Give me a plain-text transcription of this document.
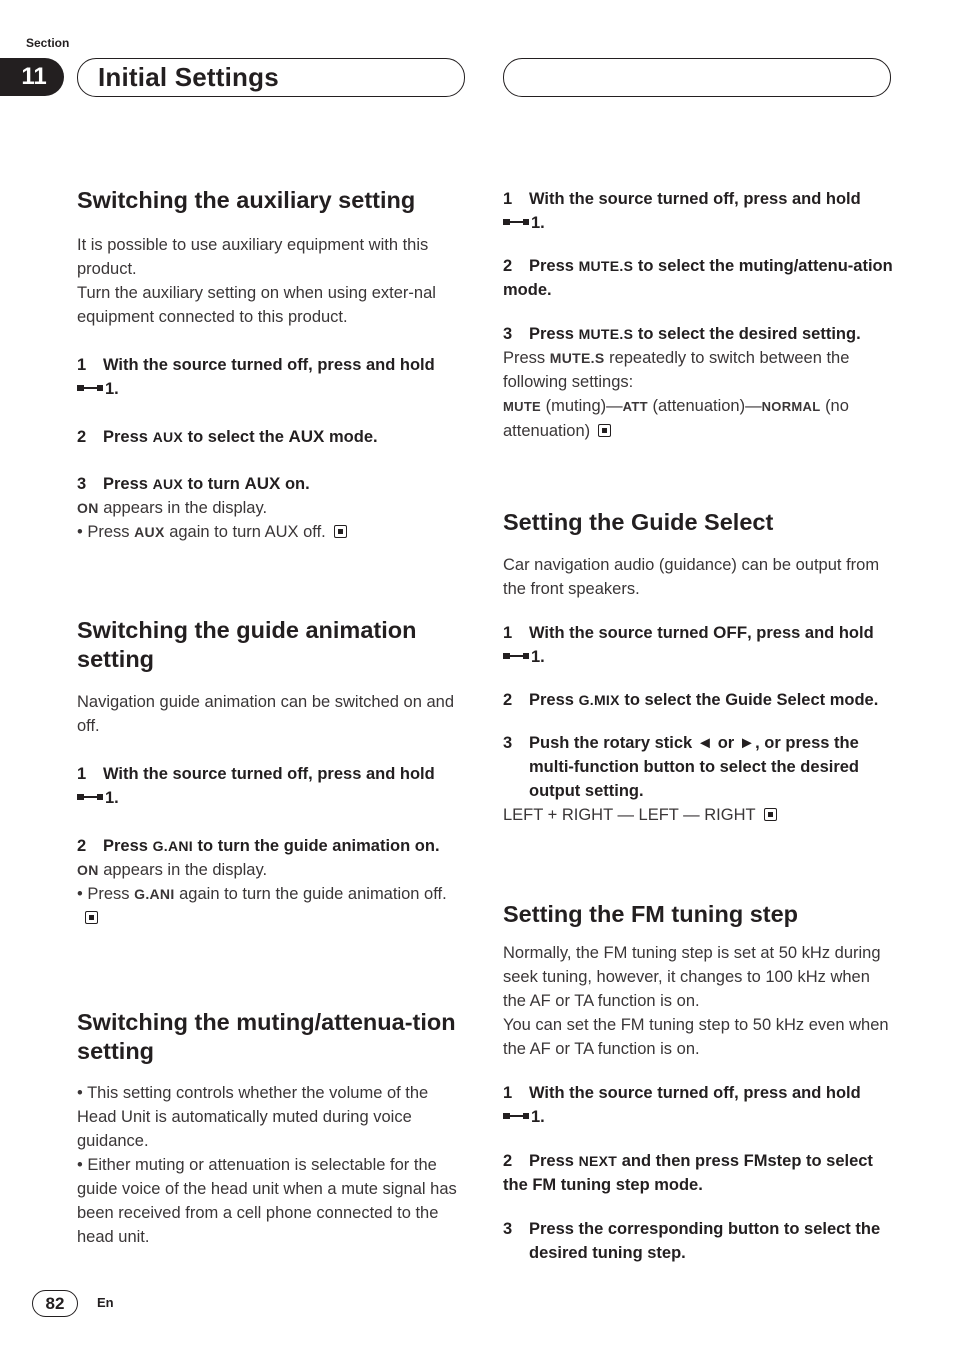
Section
11	Initial Settings
Switching the auxiliary setting

It is possible to use auxiliary equipment with this product.

Turn the auxiliary setting on when using exter-nal equipment connected to this product.

1 With the source turned off, press and hold

1.
2 Press AUX to select the AUX mode.
3 Press AUX to turn AUX on.

ON appears in the display.

• Press AUX again to turn AUX off.

Switching the guide animation setting

Navigation guide animation can be switched on and off.

1 With the source turned off, press and hold

1.
2 Press G.ANI to turn the guide animation on.

ON appears in the display.

• Press G.ANI again to turn the guide animation off.

Switching the muting/attenua-tion setting

• This setting controls whether the volume of the Head Unit is automatically muted during voice guidance.

• Either muting or attenuation is selectable for the guide voice of the head unit when a mute signal has been received from a cell phone connected to the head unit.

1 With the source turned off, press and hold

1.
2 Press MUTE.S to select the muting/attenu-ation mode.
3 Press MUTE.S to select the desired setting.

Press MUTE.S repeatedly to switch between the following settings:

MUTE (muting)—ATT (attenuation)—NORMAL (no attenuation)

Setting the Guide Select

Car navigation audio (guidance) can be output from the front speakers.

1 With the source turned OFF, press and hold

1.
2 Press G.MIX to select the Guide Select mode.
3	Push the rotary stick ◄ or ►, or press the multi-function button to select the desired output setting.

LEFT + RIGHT — LEFT — RIGHT

Setting the FM tuning step

Normally, the FM tuning step is set at 50 kHz during seek tuning, however, it changes to 100 kHz when the AF or TA function is on.

You can set the FM tuning step to 50 kHz even when the AF or TA function is on.

1 With the source turned off, press and hold

1.
2 Press NEXT and then press FMstep to select the FM tuning step mode.
3	Press the corresponding button to select the desired tuning step.
82	En
